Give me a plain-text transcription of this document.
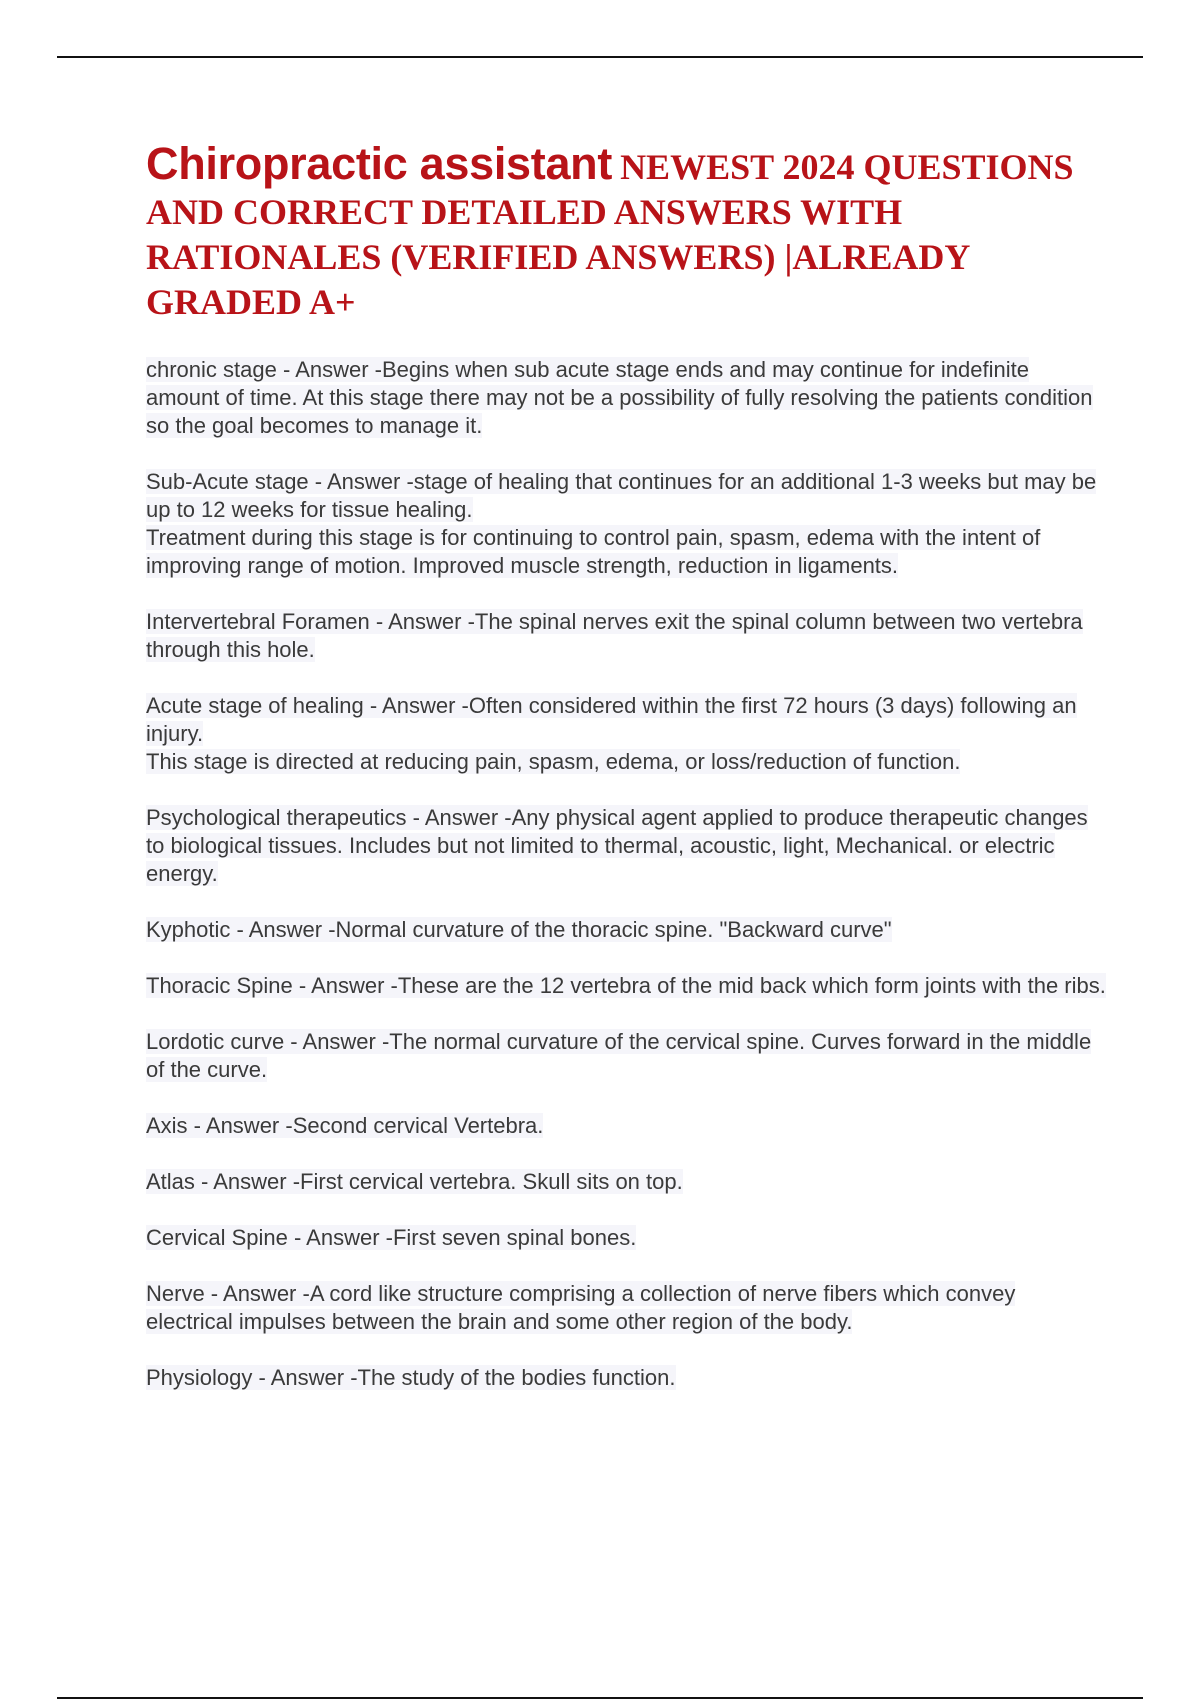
Chiropractic assistant NEWEST 2024 QUESTIONS AND CORRECT DETAILED ANSWERS WITH RATIONALES (VERIFIED ANSWERS) |ALREADY GRADED A+

chronic stage - Answer -Begins when sub acute stage ends and may continue for indefinite amount of time. At this stage there may not be a possibility of fully resolving the patients condition so the goal becomes to manage it.

Sub-Acute stage - Answer -stage of healing that continues for an additional 1-3 weeks but may be up to 12 weeks for tissue healing.

Treatment during this stage is for continuing to control pain, spasm, edema with the intent of improving range of motion. Improved muscle strength, reduction in ligaments.

Intervertebral Foramen - Answer -The spinal nerves exit the spinal column between two vertebra through this hole.

Acute stage of healing - Answer -Often considered within the first 72 hours (3 days) following an injury.

This stage is directed at reducing pain, spasm, edema, or loss/reduction of function.

Psychological therapeutics - Answer -Any physical agent applied to produce therapeutic changes to biological tissues. Includes but not limited to thermal, acoustic, light, Mechanical. or electric energy.

Kyphotic - Answer -Normal curvature of the thoracic spine. "Backward curve"

Thoracic Spine - Answer -These are the 12 vertebra of the mid back which form joints with the ribs.

Lordotic curve - Answer -The normal curvature of the cervical spine. Curves forward in the middle of the curve.

Axis - Answer -Second cervical Vertebra.

Atlas - Answer -First cervical vertebra. Skull sits on top.

Cervical Spine - Answer -First seven spinal bones.

Nerve - Answer -A cord like structure comprising a collection of nerve fibers which convey electrical impulses between the brain and some other region of the body.

Physiology - Answer -The study of the bodies function.
